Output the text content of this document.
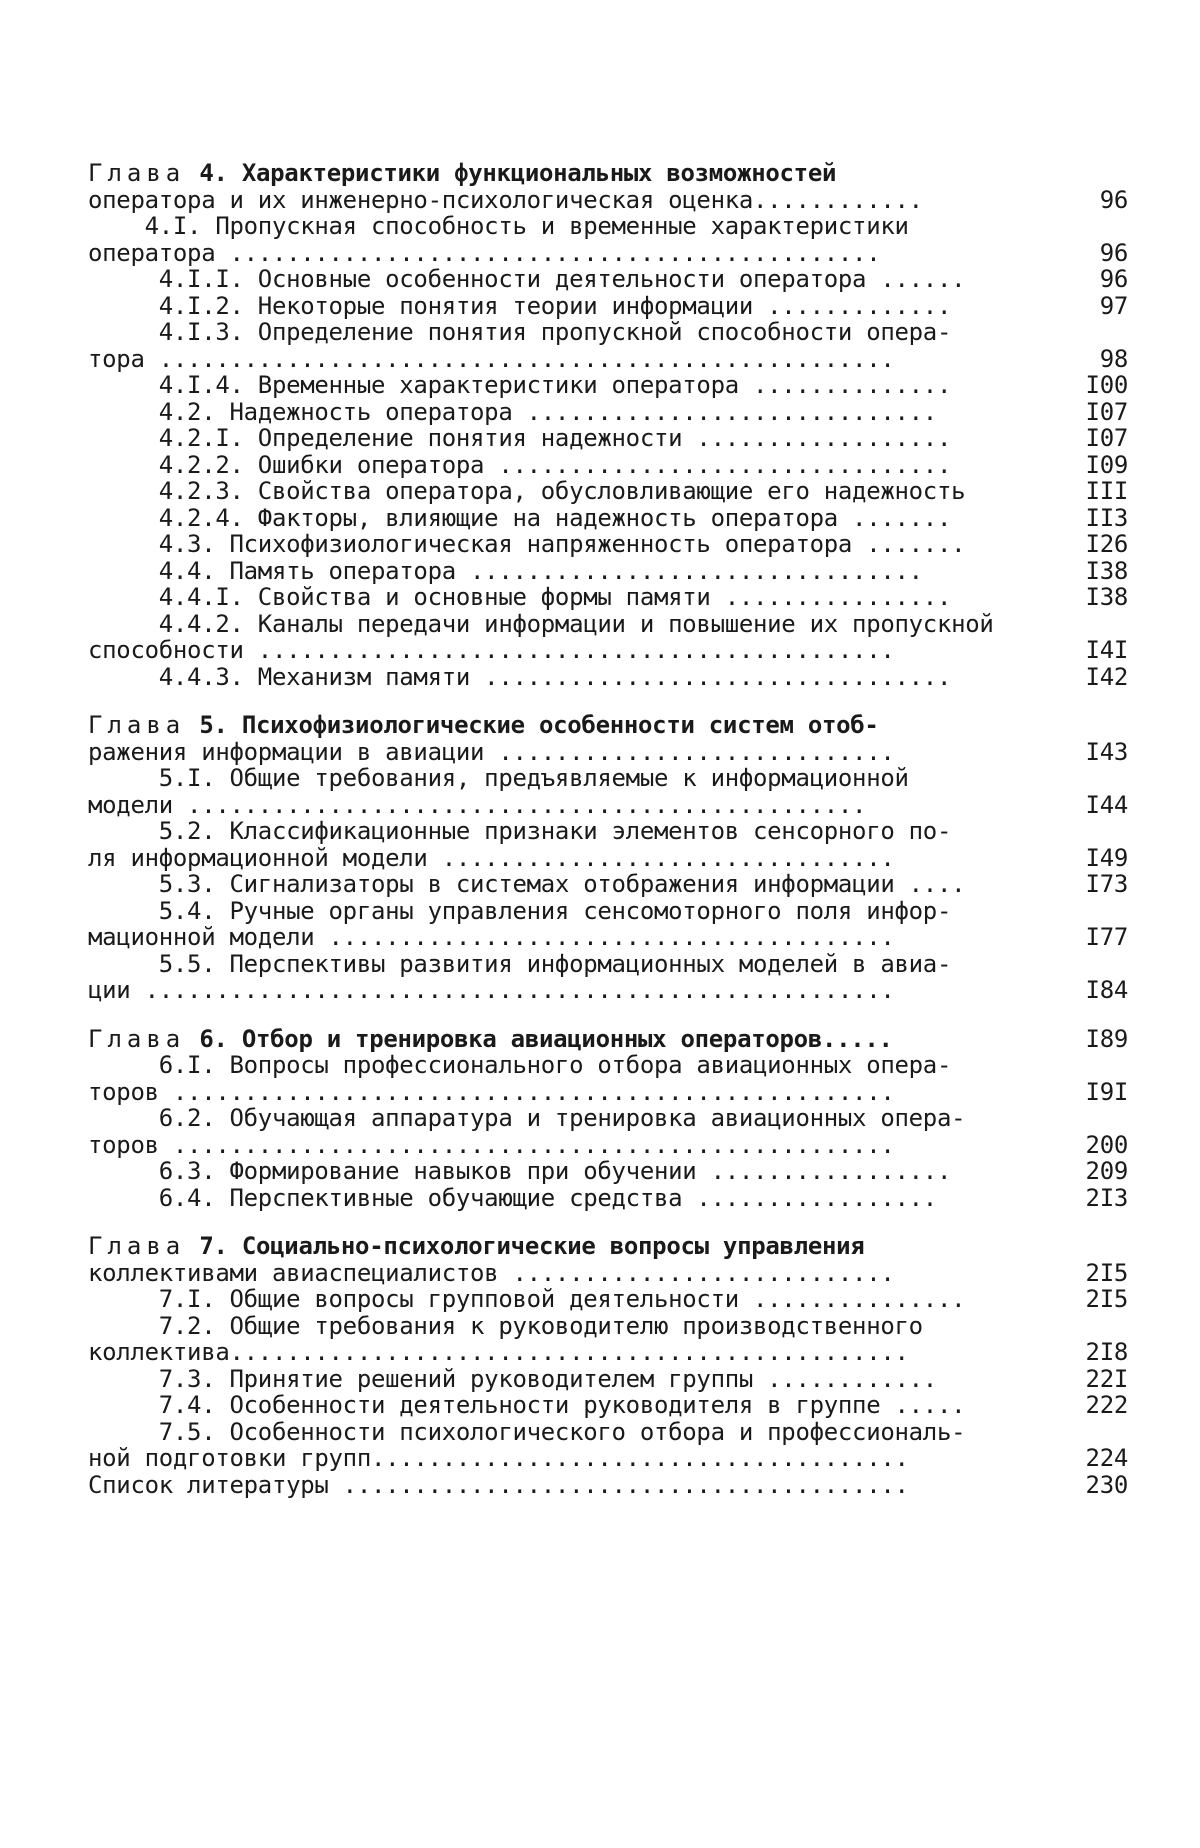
Глава 4. Характеристики функциональных возможностей
оператора и их инженерно-психологическая оценка............	96
4.I. Пропускная способность и временные характеристики
оператора ..............................................	96
4.I.I. Основные особенности деятельности оператора ......	96
4.I.2. Некоторые понятия теории информации .............	97
4.I.3. Определение понятия пропускной способности опера-
тора ....................................................	98
4.I.4. Временные характеристики оператора ..............	I00
4.2. Надежность оператора .............................	I07
4.2.I. Определение понятия надежности ..................	I07
4.2.2. Ошибки оператора ................................	I09
4.2.3. Свойства оператора, обусловливающие его надежность	III
4.2.4. Факторы, влияющие на надежность оператора .......	II3
4.3. Психофизиологическая напряженность оператора .......	I26
4.4. Память оператора ................................	I38
4.4.I. Свойства и основные формы памяти ................	I38
4.4.2. Каналы передачи информации и повышение их пропускной
способности .............................................	I4I
4.4.3. Механизм памяти .................................	I42
Глава 5. Психофизиологические особенности систем отоб-
ражения информации в авиации ............................	I43
5.I. Общие требования, предъявляемые к информационной
модели ................................................	I44
5.2. Классификационные признаки элементов сенсорного по-
ля информационной модели ................................	I49
5.3. Сигнализаторы в системах отображения информации ....	I73
5.4. Ручные органы управления сенсомоторного поля инфор-
мационной модели ........................................	I77
5.5. Перспективы развития информационных моделей в авиа-
ции .....................................................	I84
Глава 6. Отбор и тренировка авиационных операторов.....	I89
6.I. Вопросы профессионального отбора авиационных опера-
торов ...................................................	I9I
6.2. Обучающая аппаратура и тренировка авиационных опера-
торов ...................................................	200
6.3. Формирование навыков при обучении .................	209
6.4. Перспективные обучающие средства .................	2I3
Глава 7. Социально-психологические вопросы управления
коллективами авиаспециалистов ...........................	2I5
7.I. Общие вопросы групповой деятельности ...............	2I5
7.2. Общие требования к руководителю производственного
коллектива................................................	2I8
7.3. Принятие решений руководителем группы ............	22I
7.4. Особенности деятельности руководителя в группе .....	222
7.5. Особенности психологического отбора и профессиональ-
ной подготовки групп......................................	224
Список литературы ........................................	230
